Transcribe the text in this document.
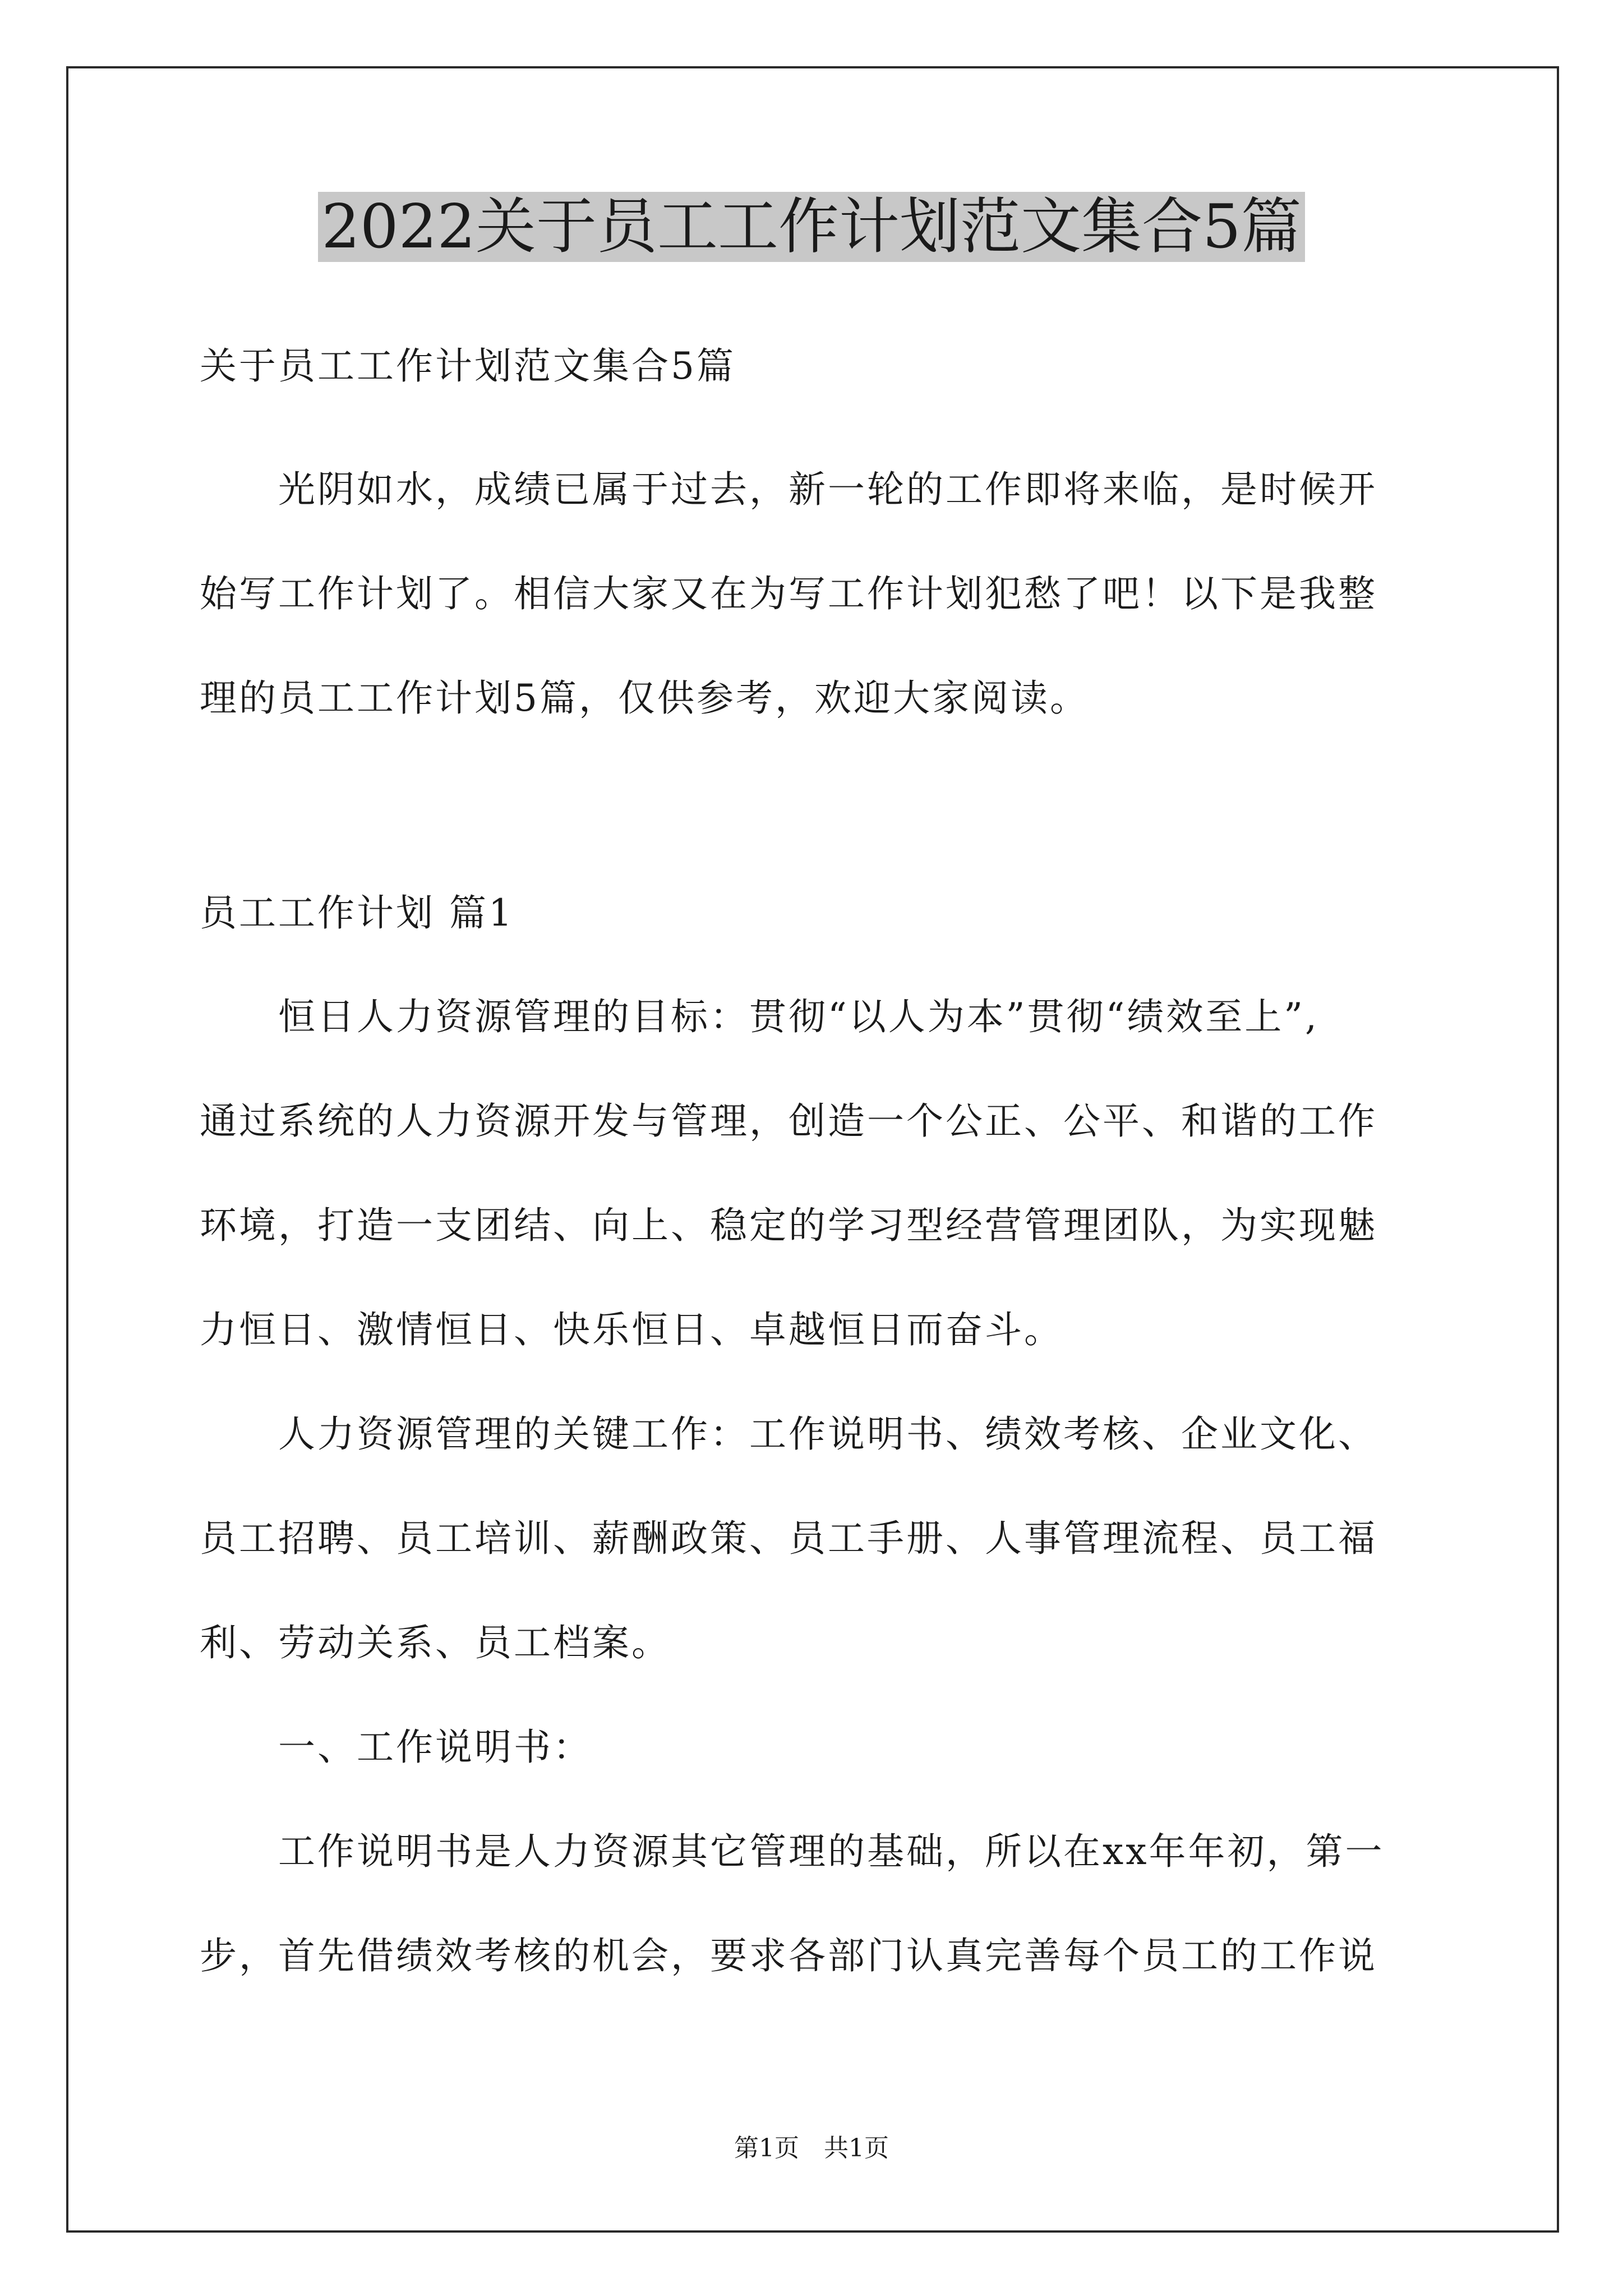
2022关于员工工作计划范文集合5篇

关于员工工作计划范文集合5篇

光阴如水，成绩已属于过去，新一轮的工作即将来临，是时候开

始写工作计划了。相信大家又在为写工作计划犯愁了吧！以下是我整

理的员工工作计划5篇，仅供参考，欢迎大家阅读。

员工工作计划 篇1

恒日人力资源管理的目标：贯彻“以人为本”贯彻“绩效至上”,

通过系统的人力资源开发与管理，创造一个公正、公平、和谐的工作

环境，打造一支团结、向上、稳定的学习型经营管理团队，为实现魅

力恒日、激情恒日、快乐恒日、卓越恒日而奋斗。

人力资源管理的关键工作：工作说明书、绩效考核、企业文化、

员工招聘、员工培训、薪酬政策、员工手册、人事管理流程、员工福

利、劳动关系、员工档案。

一、工作说明书：

工作说明书是人力资源其它管理的基础，所以在xx年年初，第一

步，首先借绩效考核的机会，要求各部门认真完善每个员工的工作说

第1页　共1页
